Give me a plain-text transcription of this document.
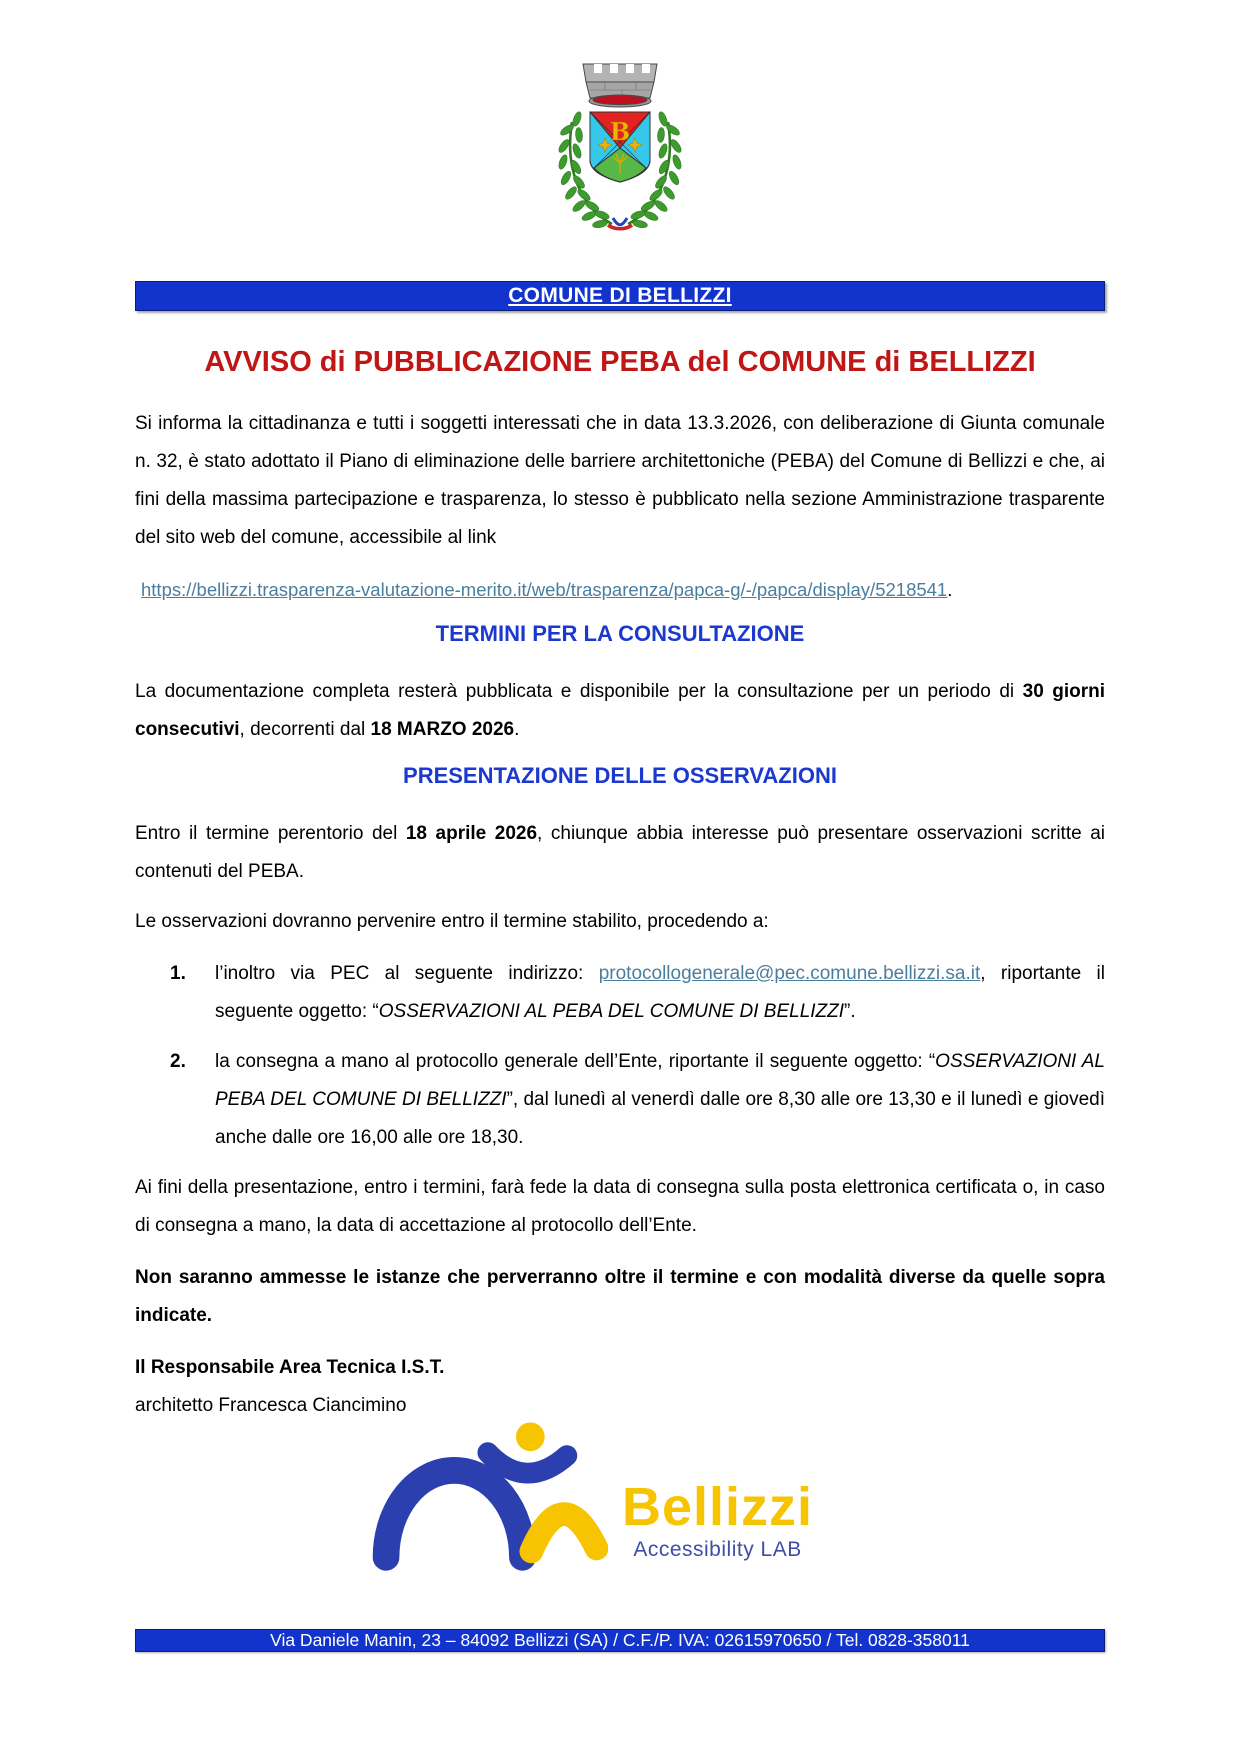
B
COMUNE DI BELLIZZI
AVVISO di PUBBLICAZIONE PEBA del COMUNE di BELLIZZI

Si informa la cittadinanza e tutti i soggetti interessati che in data 13.3.2026, con deliberazione di Giunta comunale n. 32, è stato adottato il Piano di eliminazione delle barriere architettoniche (PEBA) del Comune di Bellizzi e che, ai fini della massima partecipazione e trasparenza, lo stesso è pubblicato nella sezione Amministrazione trasparente del sito web del comune, accessibile al link

https://bellizzi.trasparenza-valutazione-merito.it/web/trasparenza/papca-g/-/papca/display/5218541.
TERMINI PER LA CONSULTAZIONE

La documentazione completa resterà pubblicata e disponibile per la consultazione per un periodo di 30 giorni consecutivi, decorrenti dal 18 MARZO 2026.

PRESENTAZIONE DELLE OSSERVAZIONI

Entro il termine perentorio del 18 aprile 2026, chiunque abbia interesse può presentare osservazioni scritte ai contenuti del PEBA.

Le osservazioni dovranno pervenire entro il termine stabilito, procedendo a:

1.	l’inoltro via PEC al seguente indirizzo: protocollogenerale@pec.comune.bellizzi.sa.it, riportante il seguente oggetto: “OSSERVAZIONI AL PEBA DEL COMUNE DI BELLIZZI”.
2.	la consegna a mano al protocollo generale dell’Ente, riportante il seguente oggetto: “OSSERVAZIONI AL PEBA DEL COMUNE DI BELLIZZI”, dal lunedì al venerdì dalle ore 8,30 alle ore 13,30 e il lunedì e giovedì anche dalle ore 16,00 alle ore 18,30.

Ai fini della presentazione, entro i termini, farà fede la data di consegna sulla posta elettronica certificata o, in caso di consegna a mano, la data di accettazione al protocollo dell’Ente.

Non saranno ammesse le istanze che perverranno oltre il termine e con modalità diverse da quelle sopra indicate.

Il Responsabile Area Tecnica I.S.T.

architetto Francesca Ciancimino

Bellizzi
Accessibility LAB
Via Daniele Manin, 23 – 84092 Bellizzi (SA) / C.F./P. IVA: 02615970650 / Tel. 0828-358011
